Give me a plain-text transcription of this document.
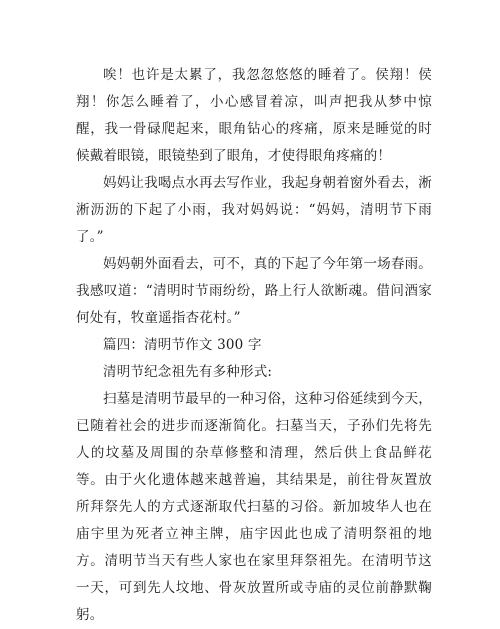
唉！也许是太累了，我忽忽悠悠的睡着了。侯翔！侯翔！你怎么睡着了，小心感冒着凉，叫声把我从梦中惊醒，我一骨碌爬起来，眼角钻心的疼痛，原来是睡觉的时候戴着眼镜，眼镜垫到了眼角，才使得眼角疼痛的！

妈妈让我喝点水再去写作业，我起身朝着窗外看去，淅淅沥沥的下起了小雨，我对妈妈说：“妈妈，清明节下雨了。”

妈妈朝外面看去，可不，真的下起了今年第一场春雨。我感叹道：“清明时节雨纷纷，路上行人欲断魂。借问酒家何处有，牧童遥指杏花村。”

篇四：清明节作文 300 字

清明节纪念祖先有多种形式:

扫墓是清明节最早的一种习俗，这种习俗延续到今天，已随着社会的进步而逐渐简化。扫墓当天，子孙们先将先人的坟墓及周围的杂草修整和清理，然后供上食品鲜花等。由于火化遗体越来越普遍，其结果是，前往骨灰置放所拜祭先人的方式逐渐取代扫墓的习俗。新加坡华人也在庙宇里为死者立神主牌，庙宇因此也成了清明祭祖的地方。清明节当天有些人家也在家里拜祭祖先。在清明节这一天，可到先人坟地、骨灰放置所或寺庙的灵位前静默鞠躬。
